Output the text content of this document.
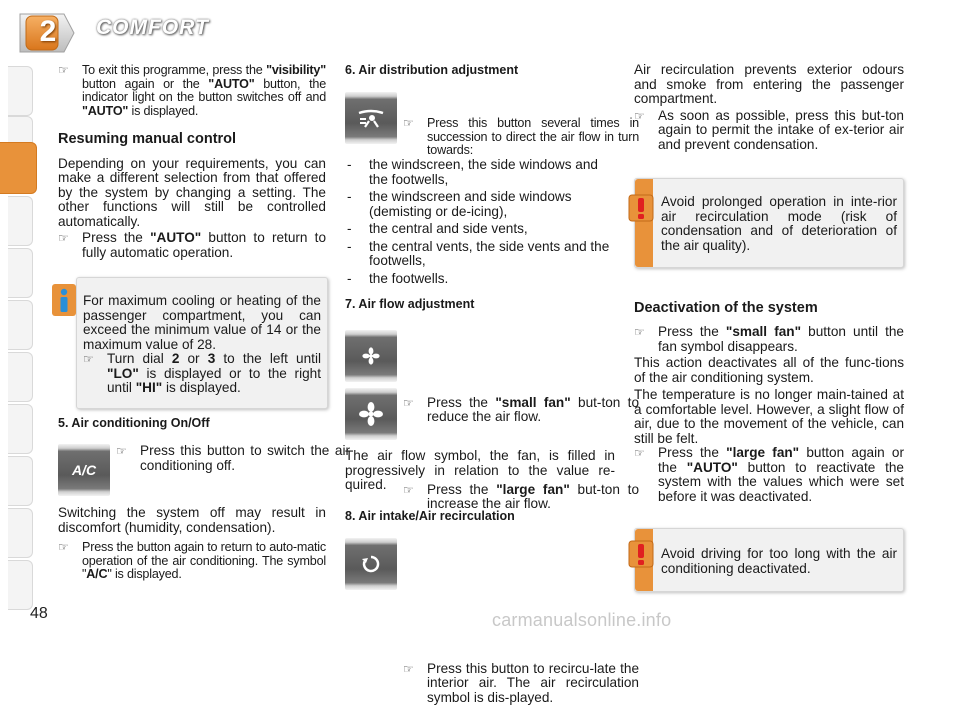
2	COMFORT
☞ To exit this programme, press the "visibility" button again or the "AUTO" button, the indicator light on the button switches off and "AUTO" is displayed.
Resuming manual control

Depending on your requirements, you can make a different selection from that offered by the system by changing a setting. The other functions will still be controlled automatically.

☞ Press the "AUTO" button to return to fully automatic operation.

For maximum cooling or heating of the passenger compartment, you can exceed the minimum value of 14 or the maximum value of 28.

☞ Turn dial 2 or 3 to the left until "LO" is displayed or to the right until "HI" is displayed.
5. Air conditioning On/Off
A/C
☞ Press this button to switch the air conditioning off.

Switching the system off may result in discomfort (humidity, condensation).

☞ Press the button again to return to auto-matic operation of the air conditioning. The symbol "A/C" is displayed.
6. Air distribution adjustment
☞ Press this button several times in succession to direct the air flow in turn towards:
- the windscreen, the side windows and the footwells,
- the windscreen and side windows (demisting or de-icing),
- the central and side vents,
- the central vents, the side vents and the footwells,
- the footwells.
7. Air flow adjustment
☞ Press the "small fan" but-ton to reduce the air flow.
☞ Press the "large fan" but-ton to increase the air flow.

The air flow symbol, the fan, is filled in progressively in relation to the value re-quired.

8. Air intake/Air recirculation
☞ Press this button to recircu-late the interior air. The air recirculation symbol is dis-played.

Air recirculation prevents exterior odours and smoke from entering the passenger compartment.

☞ As soon as possible, press this but-ton again to permit the intake of ex-terior air and prevent condensation.

Avoid prolonged operation in inte-rior air recirculation mode (risk of condensation and of deterioration of the air quality).

Deactivation of the system
☞ Press the "small fan" button until the fan symbol disappears.

This action deactivates all of the func-tions of the air conditioning system.

The temperature is no longer main-tained at a comfortable level. However, a slight flow of air, due to the movement of the vehicle, can still be felt.

☞ Press the "large fan" button again or the "AUTO" button to reactivate the system with the values which were set before it was deactivated.

Avoid driving for too long with the air conditioning deactivated.

48	carmanualsonline.info
